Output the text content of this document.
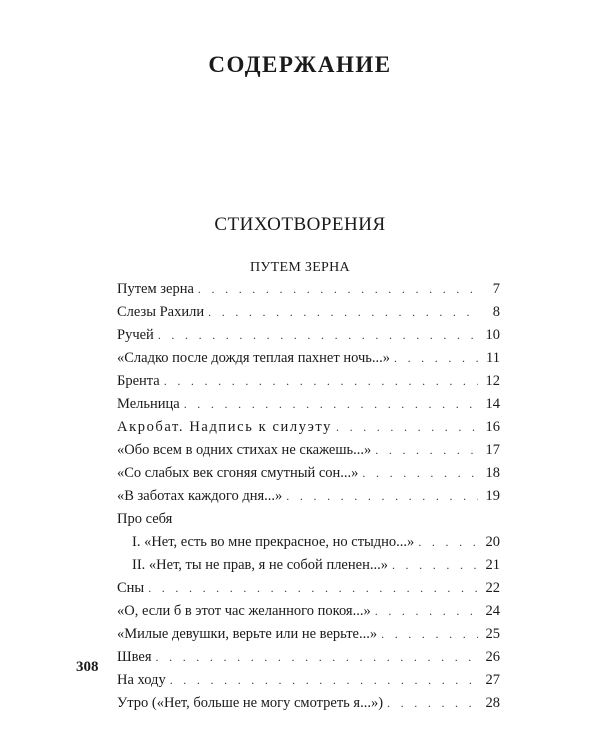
СОДЕРЖАНИЕ
СТИХОТВОРЕНИЯ
ПУТЕМ ЗЕРНА
Путем зерна . . .	7
Слезы Рахили . . .	8
Ручей . . .	10
«Сладко после дождя теплая пахнет ночь...» . . .	11
Брента . . .	12
Мельница . . .	14
Акробат. Надпись к силуэту . . .	16
«Обо всем в одних стихах не скажешь...» . . .	17
«Со слабых век сгоняя смутный сон...» . . .	18
«В заботах каждого дня...» . . .	19
Про себя
I. «Нет, есть во мне прекрасное, но стыдно...» . . .	20
II. «Нет, ты не прав, я не собой пленен...» . . .	21
Сны . . .	22
«О, если б в этот час желанного покоя...» . . .	24
«Милые девушки, верьте или не верьте...» . . .	25
Швея . . .	26
На ходу . . .	27
Утро («Нет, больше не могу смотреть я...») . . .	28
308
